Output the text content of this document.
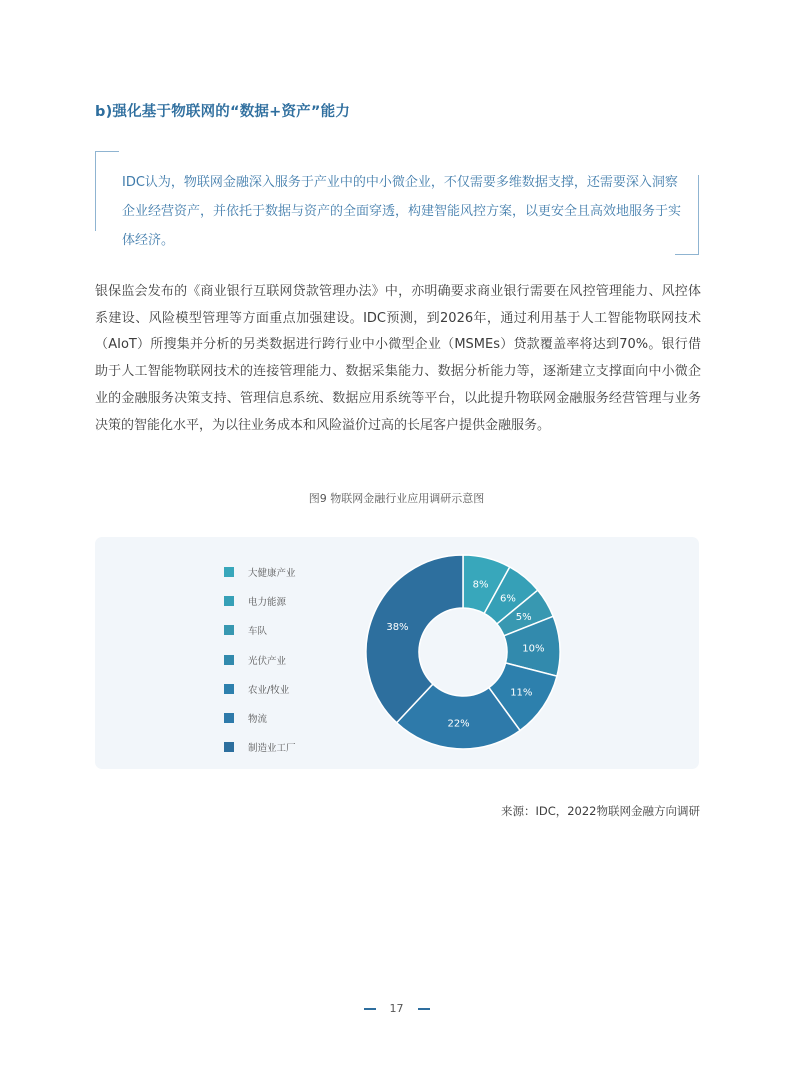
b)强化基于物联网的“数据+资产”能力
IDC认为，物联网金融深入服务于产业中的中小微企业，不仅需要多维数据支撑，还需要深入洞察企业经营资产，并依托于数据与资产的全面穿透，构建智能风控方案，以更安全且高效地服务于实体经济。
银保监会发布的《商业银行互联网贷款管理办法》中，亦明确要求商业银行需要在风控管理能力、风控体系建设、风险模型管理等方面重点加强建设。IDC预测，到2026年，通过利用基于人工智能物联网技术（AIoT）所搜集并分析的另类数据进行跨行业中小微型企业（MSMEs）贷款覆盖率将达到70%。银行借助于人工智能物联网技术的连接管理能力、数据采集能力、数据分析能力等，逐渐建立支撑面向中小微企业的金融服务决策支持、管理信息系统、数据应用系统等平台，以此提升物联网金融服务经营管理与业务决策的智能化水平，为以往业务成本和风险溢价过高的长尾客户提供金融服务。
图9 物联网金融行业应用调研示意图
大健康产业
电力能源
车队
光伏产业
农业/牧业
物流
制造业工厂
8%
6%
5%
10%
11%
22%
38%
来源：IDC，2022物联网金融方向调研
17
